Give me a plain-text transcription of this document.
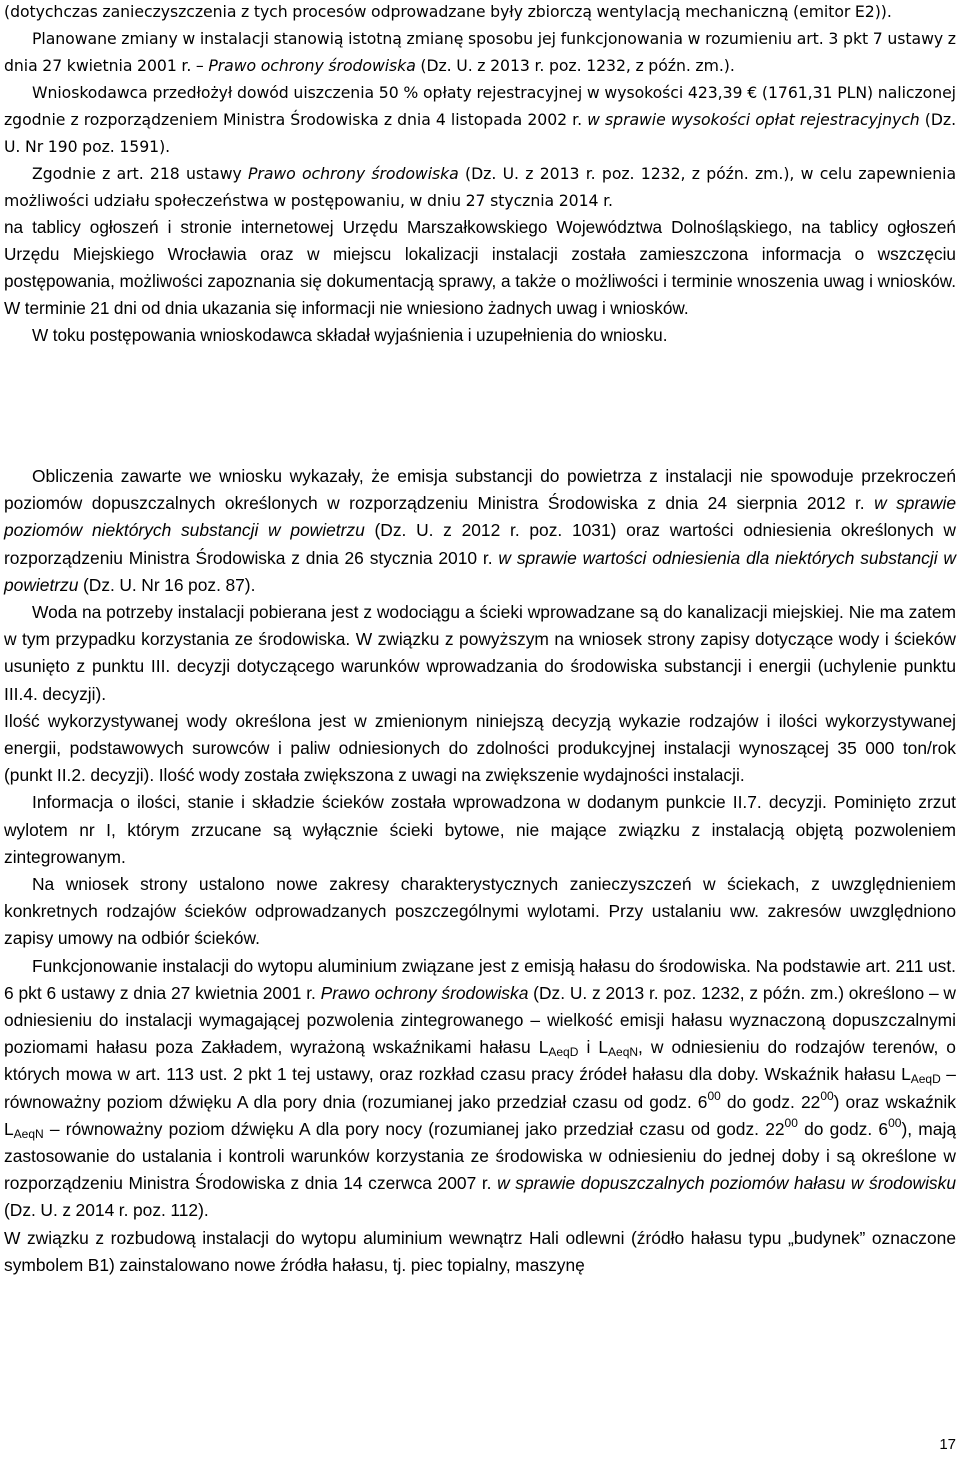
(dotychczas zanieczyszczenia z tych procesów odprowadzane były zbiorczą wentylacją mechaniczną (emitor E2)).

Planowane zmiany w instalacji stanowią istotną zmianę sposobu jej funkcjonowania w rozumieniu art. 3 pkt 7 ustawy z dnia 27 kwietnia 2001 r. – Prawo ochrony środowiska (Dz. U. z 2013 r. poz. 1232, z późn. zm.).

Wnioskodawca przedłożył dowód uiszczenia 50 % opłaty rejestracyjnej w wysokości 423,39 € (1761,31 PLN) naliczonej zgodnie z rozporządzeniem Ministra Środowiska z dnia 4 listopada 2002 r. w sprawie wysokości opłat rejestracyjnych (Dz. U. Nr 190 poz. 1591).

Zgodnie z art. 218 ustawy Prawo ochrony środowiska (Dz. U. z 2013 r. poz. 1232, z późn. zm.), w celu zapewnienia możliwości udziału społeczeństwa w postępowaniu, w dniu 27 stycznia 2014 r.

na tablicy ogłoszeń i stronie internetowej Urzędu Marszałkowskiego Województwa Dolnośląskiego, na tablicy ogłoszeń Urzędu Miejskiego Wrocławia oraz w miejscu lokalizacji instalacji została zamieszczona informacja o wszczęciu postępowania, możliwości zapoznania się dokumentacją sprawy, a także o możliwości i terminie wnoszenia uwag i wniosków. W terminie 21 dni od dnia ukazania się informacji nie wniesiono żadnych uwag i wniosków.

W toku postępowania wnioskodawca składał wyjaśnienia i uzupełnienia do wniosku.

Obliczenia zawarte we wniosku wykazały, że emisja substancji do powietrza z instalacji nie spowoduje przekroczeń poziomów dopuszczalnych określonych w rozporządzeniu Ministra Środowiska z dnia 24 sierpnia 2012 r. w sprawie poziomów niektórych substancji w powietrzu (Dz. U. z 2012 r. poz. 1031) oraz wartości odniesienia określonych w rozporządzeniu Ministra Środowiska z dnia 26 stycznia 2010 r. w sprawie wartości odniesienia dla niektórych substancji w powietrzu (Dz. U. Nr 16 poz. 87).

Woda na potrzeby instalacji pobierana jest z wodociągu a ścieki wprowadzane są do kanalizacji miejskiej. Nie ma zatem w tym przypadku korzystania ze środowiska. W związku z powyższym na wniosek strony zapisy dotyczące wody i ścieków usunięto z punktu III. decyzji dotyczącego warunków wprowadzania do środowiska substancji i energii (uchylenie punktu III.4. decyzji).

Ilość wykorzystywanej wody określona jest w zmienionym niniejszą decyzją wykazie rodzajów i ilości wykorzystywanej energii, podstawowych surowców i paliw odniesionych do zdolności produkcyjnej instalacji wynoszącej 35 000 ton/rok (punkt II.2. decyzji). Ilość wody została zwiększona z uwagi na zwiększenie wydajności instalacji.

Informacja o ilości, stanie i składzie ścieków została wprowadzona w dodanym punkcie II.7. decyzji. Pominięto zrzut wylotem nr I, którym zrzucane są wyłącznie ścieki bytowe, nie mające związku z instalacją objętą pozwoleniem zintegrowanym.

Na wniosek strony ustalono nowe zakresy charakterystycznych zanieczyszczeń w ściekach, z uwzględnieniem konkretnych rodzajów ścieków odprowadzanych poszczególnymi wylotami. Przy ustalaniu ww. zakresów uwzględniono zapisy umowy na odbiór ścieków.

Funkcjonowanie instalacji do wytopu aluminium związane jest z emisją hałasu do środowiska. Na podstawie art. 211 ust. 6 pkt 6 ustawy z dnia 27 kwietnia 2001 r. Prawo ochrony środowiska (Dz. U. z 2013 r. poz. 1232, z późn. zm.) określono – w odniesieniu do instalacji wymagającej pozwolenia zintegrowanego – wielkość emisji hałasu wyznaczoną dopuszczalnymi poziomami hałasu poza Zakładem, wyrażoną wskaźnikami hałasu $L_{AeqD}$ i $L_{AeqN}$, w odniesieniu do rodzajów terenów, o których mowa w art. 113 ust. 2 pkt 1 tej ustawy, oraz rozkład czasu pracy źródeł hałasu dla doby. Wskaźnik hałasu $L_{AeqD}$ – równoważny poziom dźwięku A dla pory dnia (rozumianej jako przedział czasu od godz. $6^{00}$ do godz. $22^{00}$) oraz wskaźnik $L_{AeqN}$ – równoważny poziom dźwięku A dla pory nocy (rozumianej jako przedział czasu od godz. $22^{00}$ do godz. $6^{00}$), mają zastosowanie do ustalania i kontroli warunków korzystania ze środowiska w odniesieniu do jednej doby i są określone w rozporządzeniu Ministra Środowiska z dnia 14 czerwca 2007 r. w sprawie dopuszczalnych poziomów hałasu w środowisku (Dz. U. z 2014 r. poz. 112).

W związku z rozbudową instalacji do wytopu aluminium wewnątrz Hali odlewni (źródło hałasu typu „budynek” oznaczone symbolem B1) zainstalowano nowe źródła hałasu, tj. piec topialny, maszynę

17
